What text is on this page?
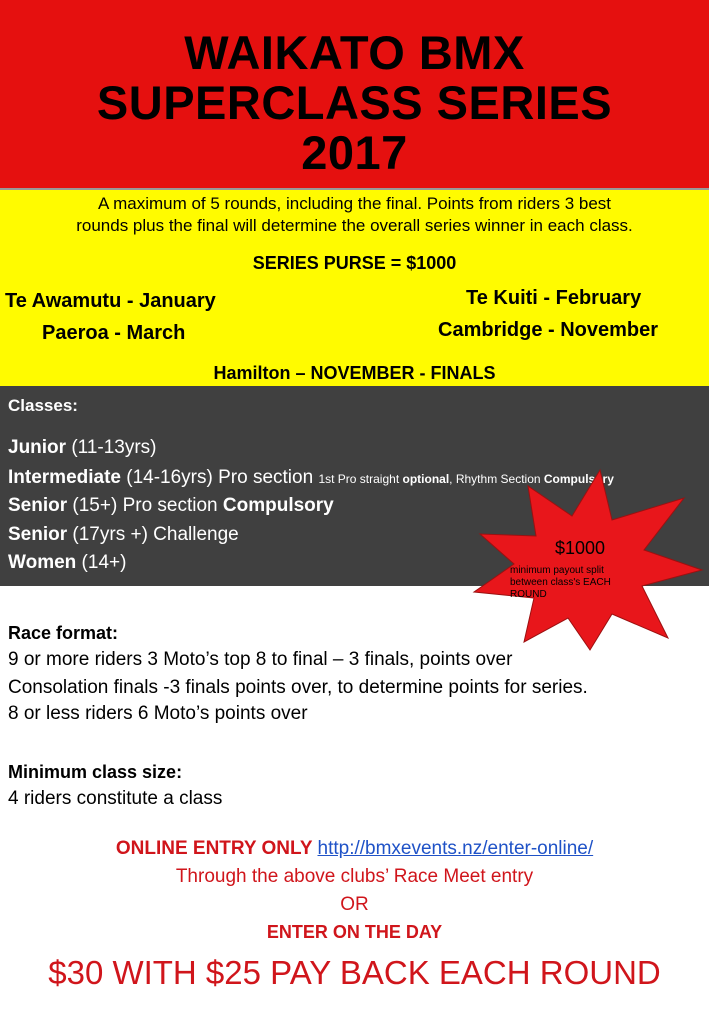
WAIKATO BMX
SUPERCLASS SERIES
2017
A maximum of 5 rounds, including the final. Points from riders 3 best
rounds plus the final will determine the overall series winner in each class.
SERIES PURSE = $1000
Te Awamutu - January
Paeroa - March
Te Kuiti - February
Cambridge - November
Hamilton – NOVEMBER - FINALS
Classes:
Junior (11-13yrs)
Intermediate (14-16yrs) Pro section 1st Pro straight optional, Rhythm Section Compulsory
Senior (15+) Pro section Compulsory
Senior (17yrs +) Challenge
Women (14+)
$1000
minimum payout split between class's EACH ROUND
Race format:
9 or more riders 3 Moto’s top 8 to final – 3 finals, points over
Consolation finals -3 finals points over, to determine points for series.
8 or less riders 6 Moto’s points over
Minimum class size:
4 riders constitute a class
ONLINE ENTRY ONLY http://bmxevents.nz/enter-online/
Through the above clubs’ Race Meet entry
OR
ENTER ON THE DAY
$30 WITH $25 PAY BACK EACH ROUND
